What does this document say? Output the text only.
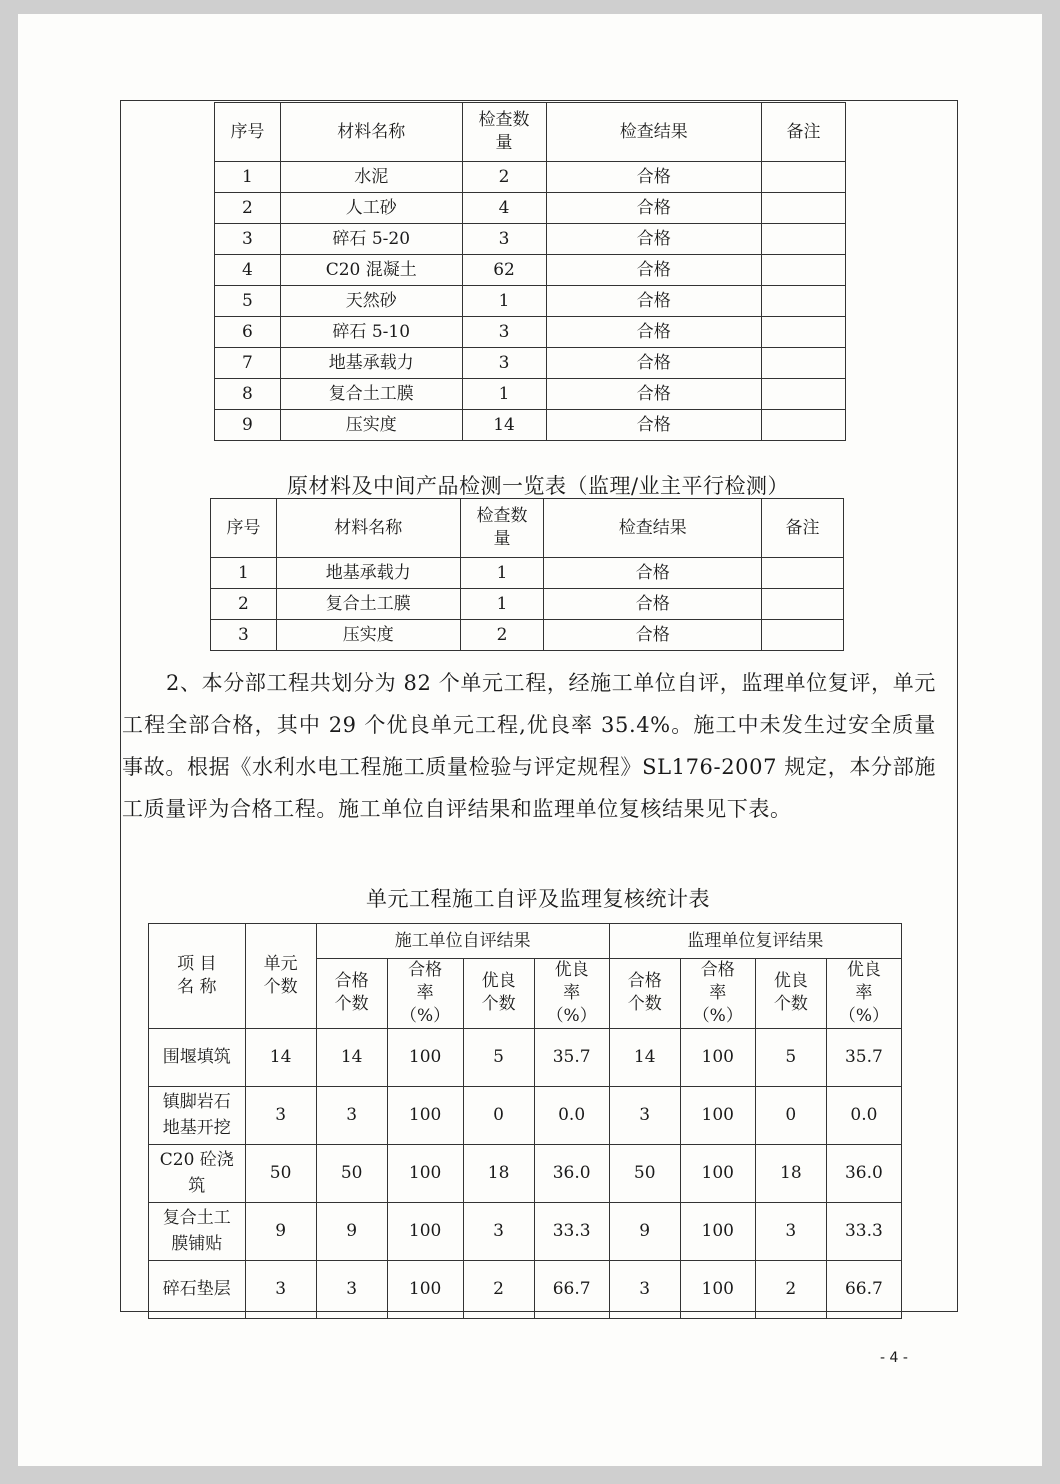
序号	材料名称	检查数量	检查结果	备注
1	水泥	2	合格	
2	人工砂	4	合格	
3	碎石 5-20	3	合格	
4	C20 混凝土	62	合格	
5	天然砂	1	合格	
6	碎石 5-10	3	合格	
7	地基承载力	3	合格	
8	复合土工膜	1	合格	
9	压实度	14	合格	
原材料及中间产品检测一览表（监理/业主平行检测）
序号	材料名称	检查数量	检查结果	备注
1	地基承载力	1	合格	
2	复合土工膜	1	合格	
3	压实度	2	合格	

2、本分部工程共划分为 82 个单元工程，经施工单位自评，监理单位复评，单元工程全部合格，其中 29 个优良单元工程,优良率 35.4%。施工中未发生过安全质量事故。根据《水利水电工程施工质量检验与评定规程》SL176-2007 规定，本分部施工质量评为合格工程。施工单位自评结果和监理单位复核结果见下表。

单元工程施工自评及监理复核统计表
项 目 名 称	单元个数	施工单位自评结果				监理单位复评结果			
		合格个数	合格率（%）	优良个数	优良率（%）	合格个数	合格率（%）	优良个数	优良率（%）
围堰填筑	14	14	100	5	35.7	14	100	5	35.7
镇脚岩石地基开挖	3	3	100	0	0.0	3	100	0	0.0
C20 砼浇筑	50	50	100	18	36.0	50	100	18	36.0
复合土工膜铺贴	9	9	100	3	33.3	9	100	3	33.3
碎石垫层	3	3	100	2	66.7	3	100	2	66.7
- 4 -
